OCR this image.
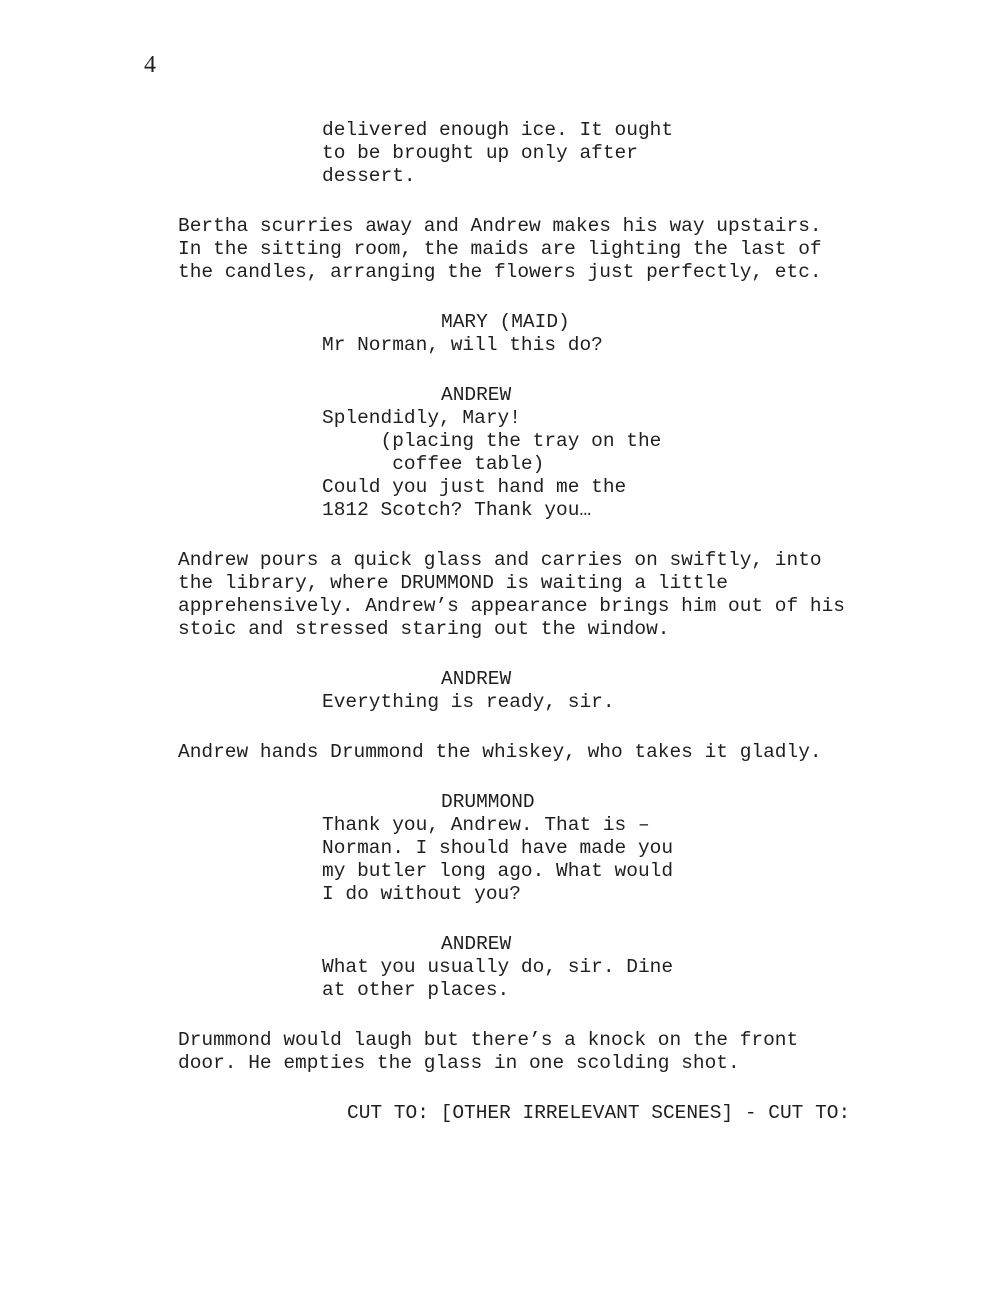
4
delivered enough ice. It ought
to be brought up only after
dessert.
Bertha scurries away and Andrew makes his way upstairs.
In the sitting room, the maids are lighting the last of
the candles, arranging the flowers just perfectly, etc.
MARY (MAID)
Mr Norman, will this do?
ANDREW
Splendidly, Mary!
(placing the tray on the
coffee table)
Could you just hand me the
1812 Scotch? Thank you…
Andrew pours a quick glass and carries on swiftly, into
the library, where DRUMMOND is waiting a little
apprehensively. Andrew’s appearance brings him out of his
stoic and stressed staring out the window.
ANDREW
Everything is ready, sir.
Andrew hands Drummond the whiskey, who takes it gladly.
DRUMMOND
Thank you, Andrew. That is –
Norman. I should have made you
my butler long ago. What would
I do without you?
ANDREW
What you usually do, sir. Dine
at other places.
Drummond would laugh but there’s a knock on the front
door. He empties the glass in one scolding shot.
CUT TO: [OTHER IRRELEVANT SCENES] - CUT TO:
